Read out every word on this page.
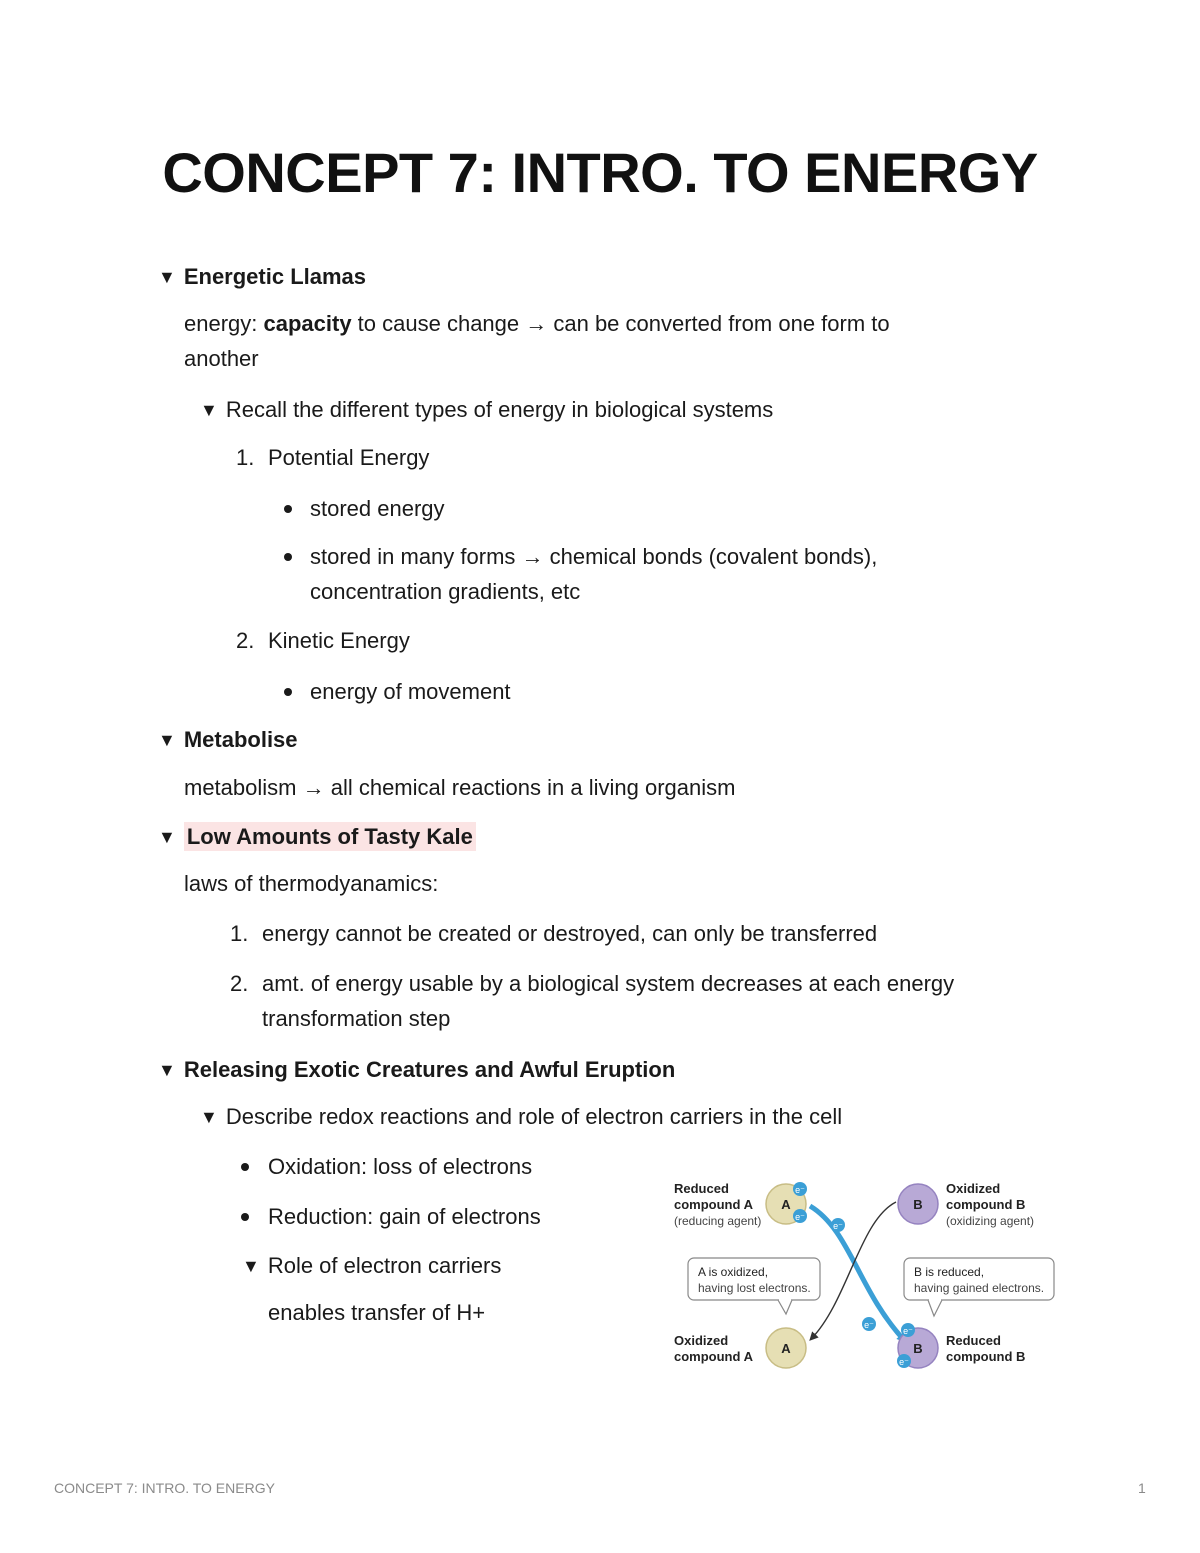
CONCEPT 7: INTRO. TO ENERGY
▼ Energetic Llamas
energy: capacity to cause change → can be converted from one form to
another
▼ Recall the different types of energy in biological systems
1. Potential Energy
stored energy
stored in many forms → chemical bonds (covalent bonds),
concentration gradients, etc
2. Kinetic Energy
energy of movement
▼ Metabolise
metabolism → all chemical reactions in a living organism
▼ Low Amounts of Tasty Kale
laws of thermodyanamics:
1. energy cannot be created or destroyed, can only be transferred
2. amt. of energy usable by a biological system decreases at each energy
transformation step
▼ Releasing Exotic Creatures and Awful Eruption
▼ Describe redox reactions and role of electron carriers in the cell
Oxidation: loss of electrons
Reduction: gain of electrons
▼ Role of electron carriers
enables transfer of H+
Reduced
compound A
(reducing agent)
Oxidized
compound B
(oxidizing agent)
Oxidized
compound A
Reduced
compound B
A is oxidized,
having lost electrons.
B is reduced,
having gained electrons.
A	B
A	B
e⁻
e⁻
e⁻
e⁻
e⁻
e⁻
CONCEPT 7: INTRO. TO ENERGY	1
